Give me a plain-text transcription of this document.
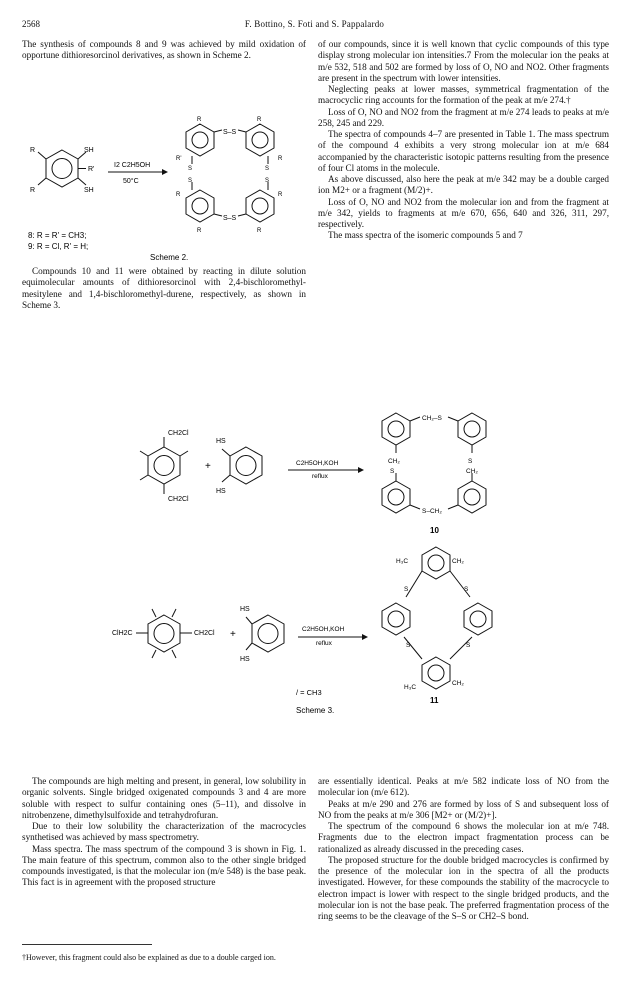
2568	F. Bottino, S. Foti and S. Pappalardo

The synthesis of compounds 8 and 9 was achieved by mild oxidation of opportune dithioresorcinol derivatives, as shown in Scheme 2.

of our compounds, since it is well known that cyclic compounds of this type display strong molecular ion intensities.7 From the molecular ion the peaks at m/e 532, 518 and 502 are formed by loss of O, NO and NO2. Other fragments are present in the spectrum with lower intensities.

Neglecting peaks at lower masses, symmetrical fragmentation of the macrocyclic ring accounts for the formation of the peak at m/e 274.†

Loss of O, NO and NO2 from the fragment at m/e 274 leads to peaks at m/e 258, 245 and 229.

The spectra of compounds 4–7 are presented in Table 1. The mass spectrum of the compound 4 exhibits a very strong molecular ion at m/e 684 accompanied by the characteristic isotopic patterns resulting from the presence of four Cl atoms in the molecule.

As above discussed, also here the peak at m/e 342 may be a double carged ion M2+ or a fragment (M/2)+.

Loss of O, NO and NO2 from the molecular ion and from the fragment at m/e 342, yields to fragments at m/e 670, 656, 640 and 326, 311, 297, respectively.

The mass spectra of the isomeric compounds 5 and 7

R	SH
R	SH
R'
I2 C2H5OH
50°C
S–S
S–S
S
S
S
S
R	R
R	R
R'	R
R	R
8: R = R' = CH3;
9: R = Cl, R' = H;
Scheme 2.

Compounds 10 and 11 were obtained by reacting in dilute solution equimolecular amounts of dithioresorcinol with 2,4-bischloromethyl-mesitylene and 1,4-bischloromethyl-durene, respectively, as shown in Scheme 3.

CH2Cl
CH2Cl
+
HS
HS
C2H5OH,KOH
reflux
CH₂–S
S–CH₂
CH₂
S
S
CH₂
10
ClH2C	CH2Cl +
HS
HS
C2H5OH,KOH
reflux
H₃C	CH₂
S	S
S	S
H₃C
CH₂
/ = CH3
11
Scheme 3.

The compounds are high melting and present, in general, low solubility in organic solvents. Single bridged oxigenated compounds 3 and 4 are more soluble with respect to sulfur containing ones (5–11), and dissolve in nitrobenzene, dimethylsulfoxide and tetrahydrofuran.

Due to their low solubility the characterization of the macrocycles synthetised was achieved by mass spectrometry.

Mass spectra. The mass spectrum of the compound 3 is shown in Fig. 1. The main feature of this spectrum, common also to the other single bridged compounds investigated, is that the molecular ion (m/e 548) is the base peak. This fact is in agreement with the proposed structure

are essentially identical. Peaks at m/e 582 indicate loss of NO from the molecular ion (m/e 612).

Peaks at m/e 290 and 276 are formed by loss of S and subsequent loss of NO from the peaks at m/e 306 [M2+ or (M/2)+].

The spectrum of the compound 6 shows the molecular ion at m/e 748. Fragments due to the electron impact fragmentation process can be rationalized as already discussed in the preceding cases.

The proposed structure for the double bridged macrocycles is confirmed by the presence of the molecular ion in the spectra of all the products investigated. However, for these compounds the stability of the macrocycle to electron impact is lower with respect to the single bridged products, and the molecular ion is not the base peak. The preferred fragmentation process of the ring seems to be the cleavage of the S–S or CH2–S bond.

†However, this fragment could also be explained as due to a double carged ion.
